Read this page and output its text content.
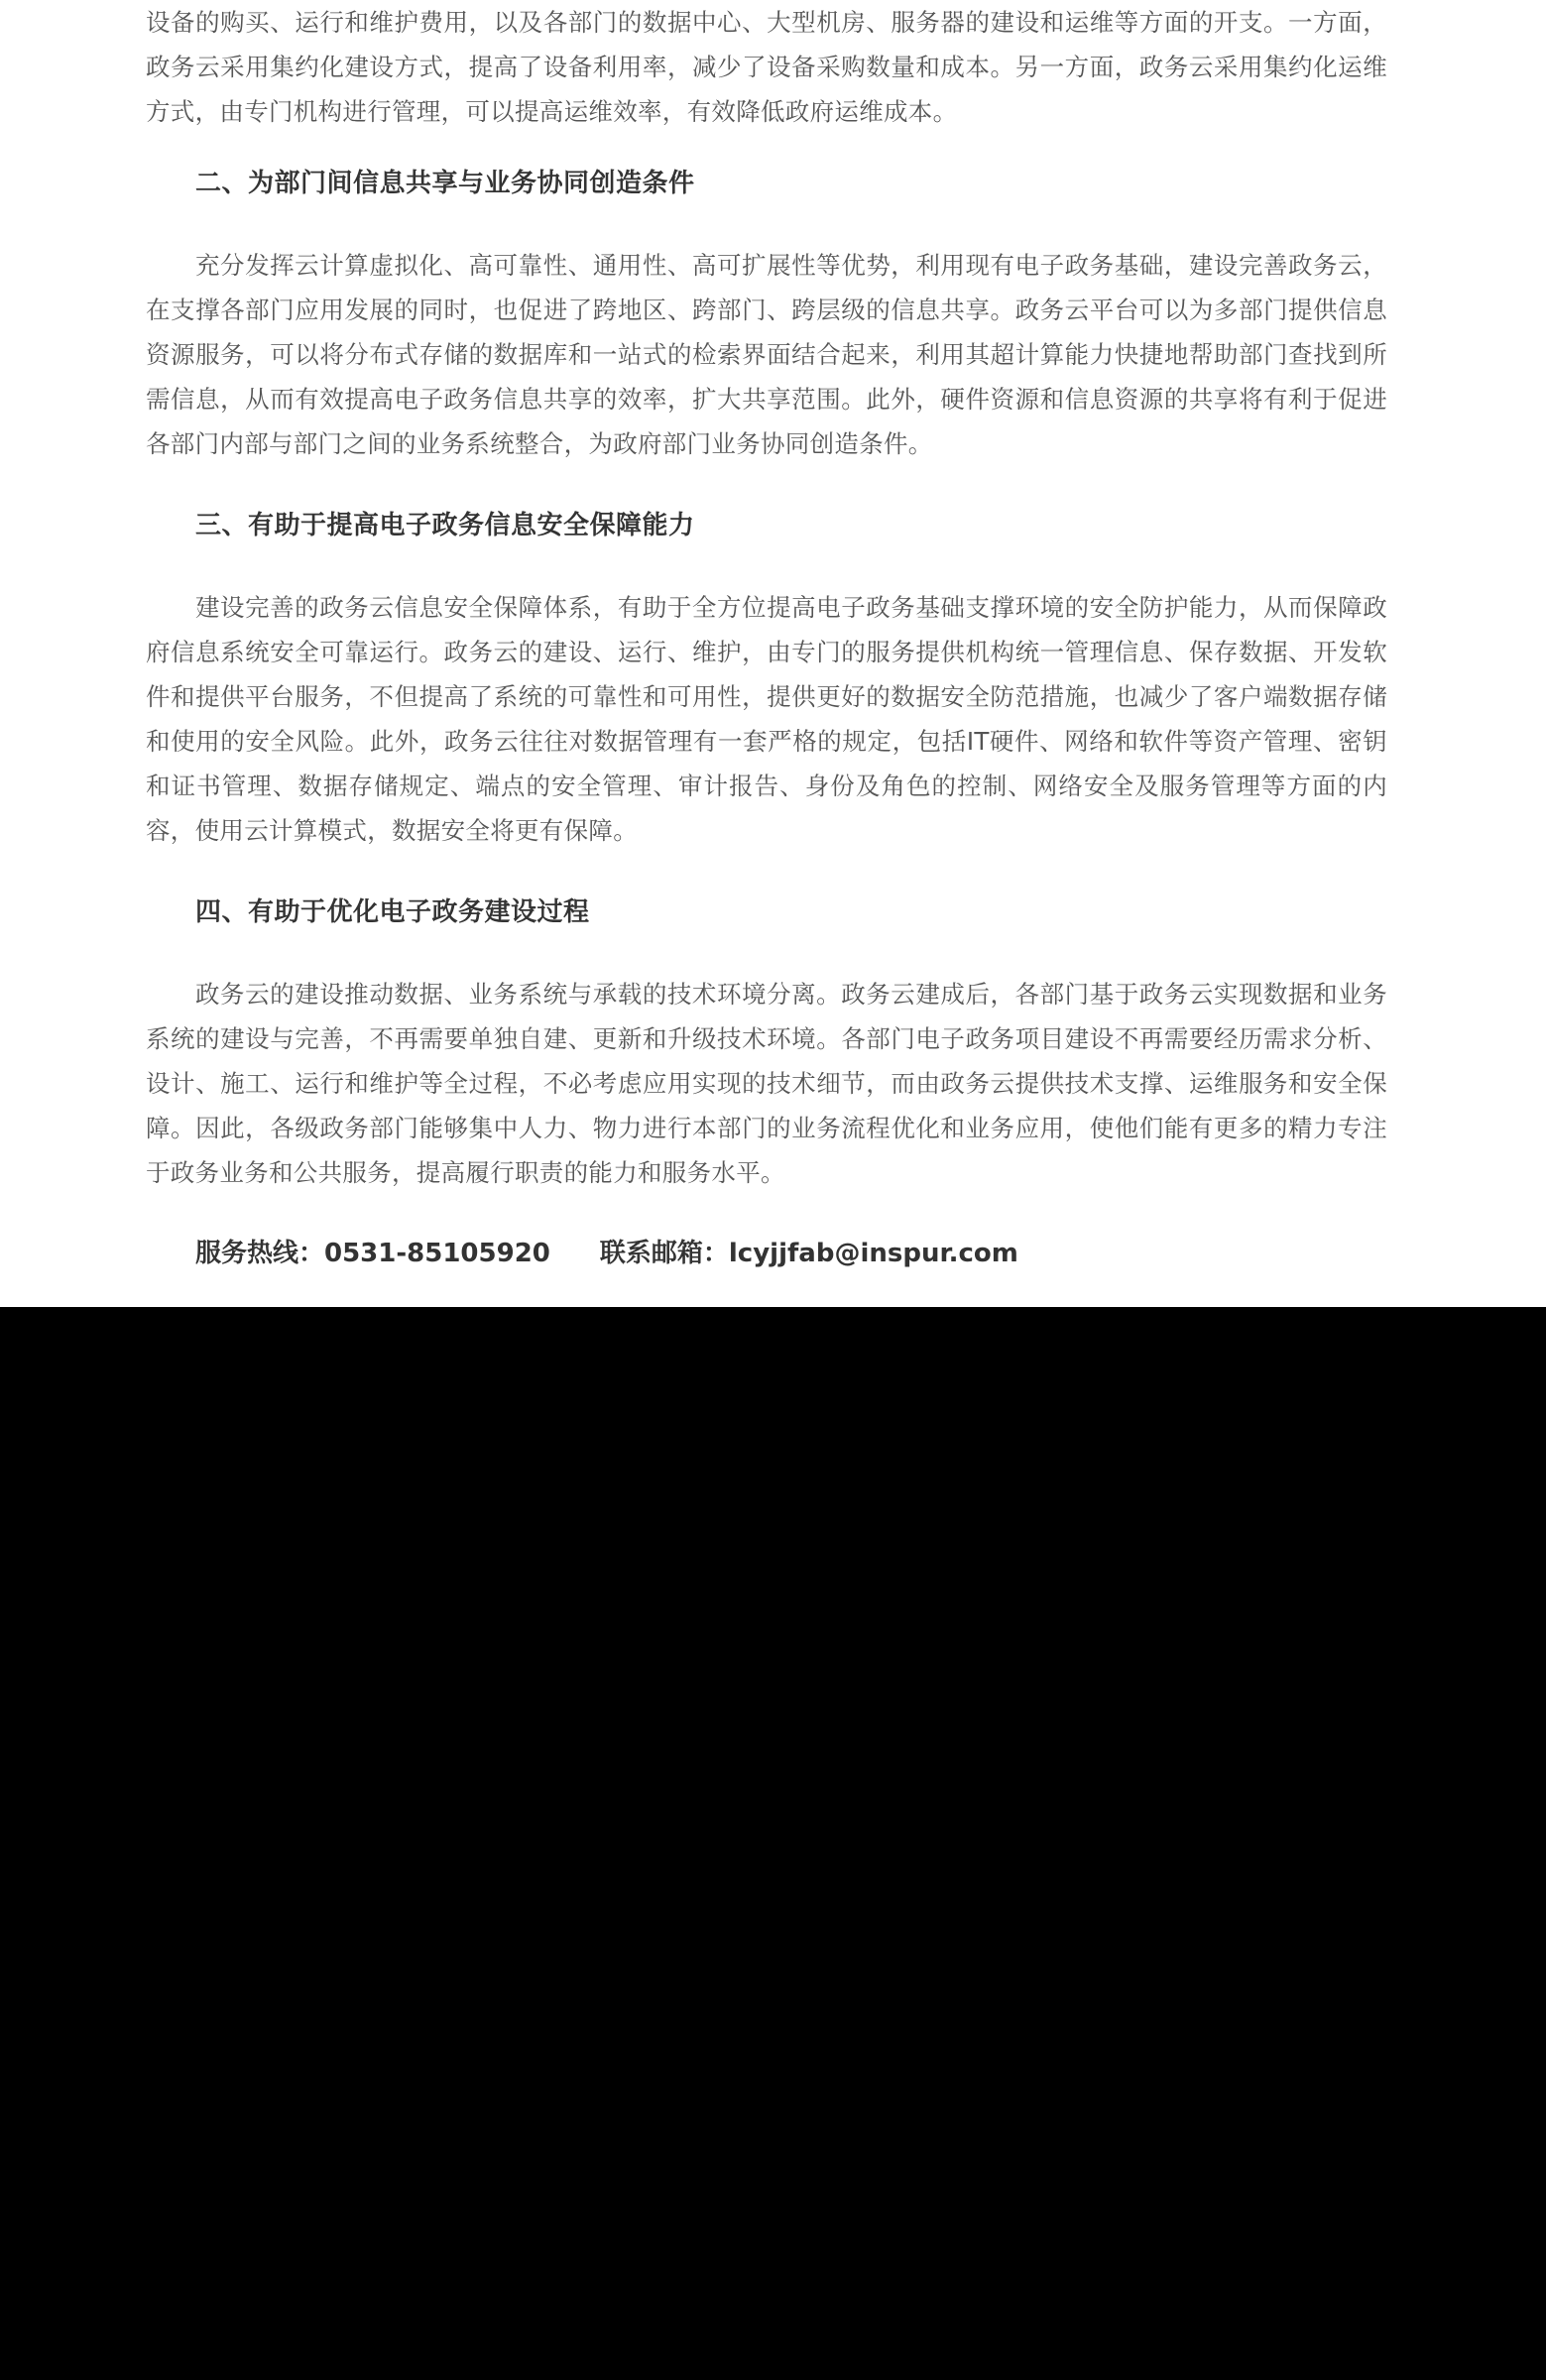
设备的购买、运行和维护费用，以及各部门的数据中心、大型机房、服务器的建设和运维等方面的开支。一方面，政务云采用集约化建设方式，提高了设备利用率，减少了设备采购数量和成本。另一方面，政务云采用集约化运维方式，由专门机构进行管理，可以提高运维效率，有效降低政府运维成本。

二、为部门间信息共享与业务协同创造条件

充分发挥云计算虚拟化、高可靠性、通用性、高可扩展性等优势，利用现有电子政务基础，建设完善政务云，在支撑各部门应用发展的同时，也促进了跨地区、跨部门、跨层级的信息共享。政务云平台可以为多部门提供信息资源服务，可以将分布式存储的数据库和一站式的检索界面结合起来，利用其超计算能力快捷地帮助部门查找到所需信息，从而有效提高电子政务信息共享的效率，扩大共享范围。此外，硬件资源和信息资源的共享将有利于促进各部门内部与部门之间的业务系统整合，为政府部门业务协同创造条件。

三、有助于提高电子政务信息安全保障能力

建设完善的政务云信息安全保障体系，有助于全方位提高电子政务基础支撑环境的安全防护能力，从而保障政府信息系统安全可靠运行。政务云的建设、运行、维护，由专门的服务提供机构统一管理信息、保存数据、开发软件和提供平台服务，不但提高了系统的可靠性和可用性，提供更好的数据安全防范措施，也减少了客户端数据存储和使用的安全风险。此外，政务云往往对数据管理有一套严格的规定，包括IT硬件、网络和软件等资产管理、密钥和证书管理、数据存储规定、端点的安全管理、审计报告、身份及角色的控制、网络安全及服务管理等方面的内容，使用云计算模式，数据安全将更有保障。

四、有助于优化电子政务建设过程

政务云的建设推动数据、业务系统与承载的技术环境分离。政务云建成后，各部门基于政务云实现数据和业务系统的建设与完善，不再需要单独自建、更新和升级技术环境。各部门电子政务项目建设不再需要经历需求分析、设计、施工、运行和维护等全过程，不必考虑应用实现的技术细节，而由政务云提供技术支撑、运维服务和安全保障。因此，各级政务部门能够集中人力、物力进行本部门的业务流程优化和业务应用，使他们能有更多的精力专注于政务业务和公共服务，提高履行职责的能力和服务水平。

服务热线：0531-85105920 联系邮箱：lcyjjfab@inspur.com
